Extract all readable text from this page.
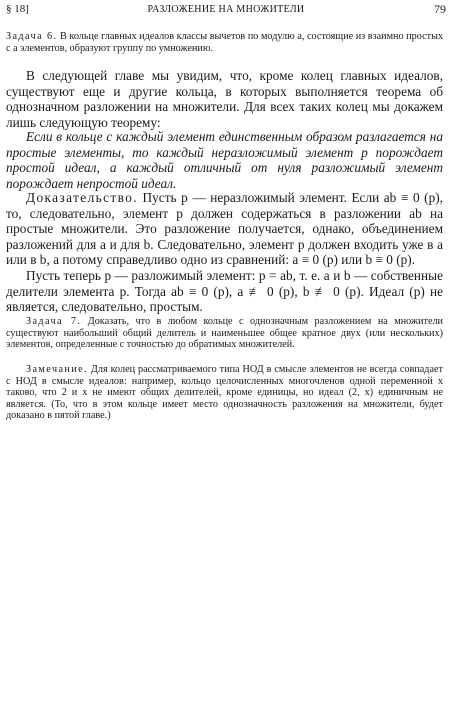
§ 18]	РАЗЛОЖЕНИЕ НА МНОЖИТЕЛИ	79

Задача 6. В кольце главных идеалов классы вычетов по модулю a, состоящие из взаимно простых с a элементов, образуют группу по умножению.

В следующей главе мы увидим, что, кроме колец главных идеалов, существуют еще и другие кольца, в которых выполняется теорема об однозначном разложении на множители. Для всех таких колец мы докажем лишь следующую теорему:

Если в кольце с каждый элемент единственным образом разлагается на простые элементы, то каждый неразложимый элемент p порождает простой идеал, а каждый отличный от нуля разложимый элемент порождает непростой идеал.

Доказательство. Пусть p — неразложимый элемент. Если ab ≡ 0 (p), то, следовательно, элемент p должен содержаться в разложении ab на простые множители. Это разложение получается, однако, объединением разложений для a и для b. Следовательно, элемент p должен входить уже в a или в b, а потому справедливо одно из сравнений: a ≡ 0 (p) или b ≡ 0 (p).

Пусть теперь p — разложимый элемент: p = ab, т. е. a и b — собственные делители элемента p. Тогда ab ≡ 0 (p), a ≢ 0 (p), b ≢ 0 (p). Идеал (p) не является, следовательно, простым.

Задача 7. Доказать, что в любом кольце с однозначным разложением на множители существуют наибольший общий делитель и наименьшее общее кратное двух (или нескольких) элементов, определенные с точностью до обратимых множителей.

Замечание. Для колец рассматриваемого типа НОД в смысле элементов не всегда совпадает с НОД в смысле идеалов: например, кольцо целочисленных многочленов одной переменной x таково, что 2 и x не имеют общих делителей, кроме единицы, но идеал (2, x) единичным не является. (То, что в этом кольце имеет место однозначность разложения на множители, будет доказано в пятой главе.)
